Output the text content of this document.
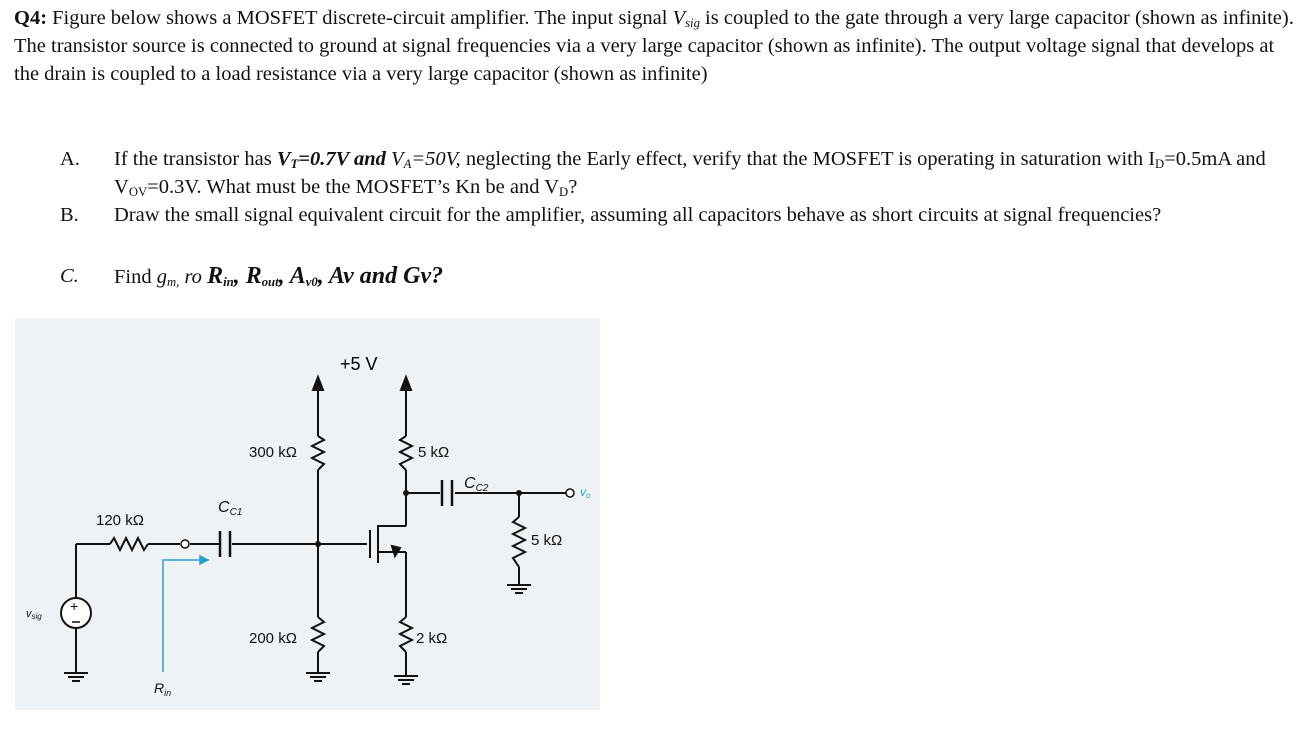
Q4: Figure below shows a MOSFET discrete-circuit amplifier. The input signal $V_{sig}$ is coupled to the gate through a very large capacitor (shown as infinite). The transistor source is connected to ground at signal frequencies via a very large capacitor (shown as infinite). The output voltage signal that develops at the drain is coupled to a load resistance via a very large capacitor (shown as infinite)
A.	If the transistor has $V_T=0.7V$ and $V_A=50V$, neglecting the Early effect, verify that the MOSFET is operating in saturation with $I_D=0.5mA$ and $V_{OV}=0.3V$. What must be the MOSFET’s Kn be and $V_D$?
B.	Draw the small signal equivalent circuit for the amplifier, assuming all capacitors behave as short circuits at signal frequencies?
C.	Find $g_{m,}$ ro $R_{in}$, $R_{out}$, $A_{v0}$, Av and Gv?
+5 V
+
300 kΩ
200 kΩ
5 kΩ
2 kΩ
5 kΩ
120 kΩ
CC1
CC2
vsig
vo
$R_{in}$
